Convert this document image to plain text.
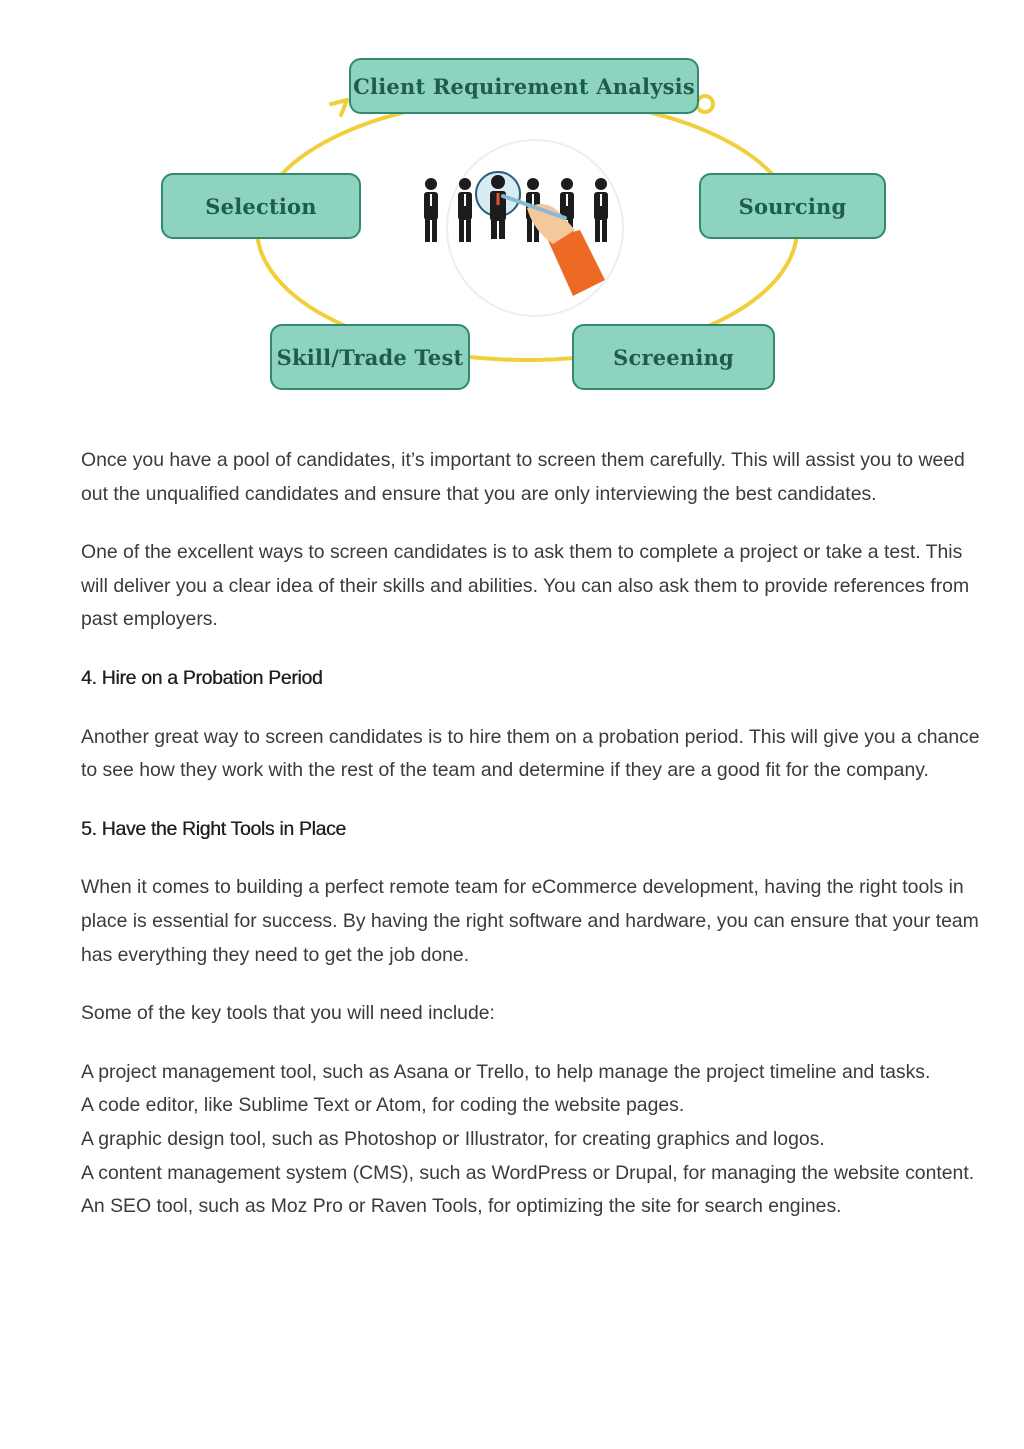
Client Requirement Analysis
Sourcing
Screening
Skill/Trade Test
Selection

Once you have a pool of candidates, it’s important to screen them carefully. This will assist you to weed out the unqualified candidates and ensure that you are only interviewing the best candidates.

One of the excellent ways to screen candidates is to ask them to complete a project or take a test. This will deliver you a clear idea of their skills and abilities. You can also ask them to provide references from past employers.

4. Hire on a Probation Period

Another great way to screen candidates is to hire them on a probation period. This will give you a chance to see how they work with the rest of the team and determine if they are a good fit for the company.

5. Have the Right Tools in Place

When it comes to building a perfect remote team for eCommerce development, having the right tools in place is essential for success. By having the right software and hardware, you can ensure that your team has everything they need to get the job done.

Some of the key tools that you will need include:

A project management tool, such as Asana or Trello, to help manage the project timeline and tasks.
A code editor, like Sublime Text or Atom, for coding the website pages.
A graphic design tool, such as Photoshop or Illustrator, for creating graphics and logos.
A content management system (CMS), such as WordPress or Drupal, for managing the website content.
An SEO tool, such as Moz Pro or Raven Tools, for optimizing the site for search engines.
